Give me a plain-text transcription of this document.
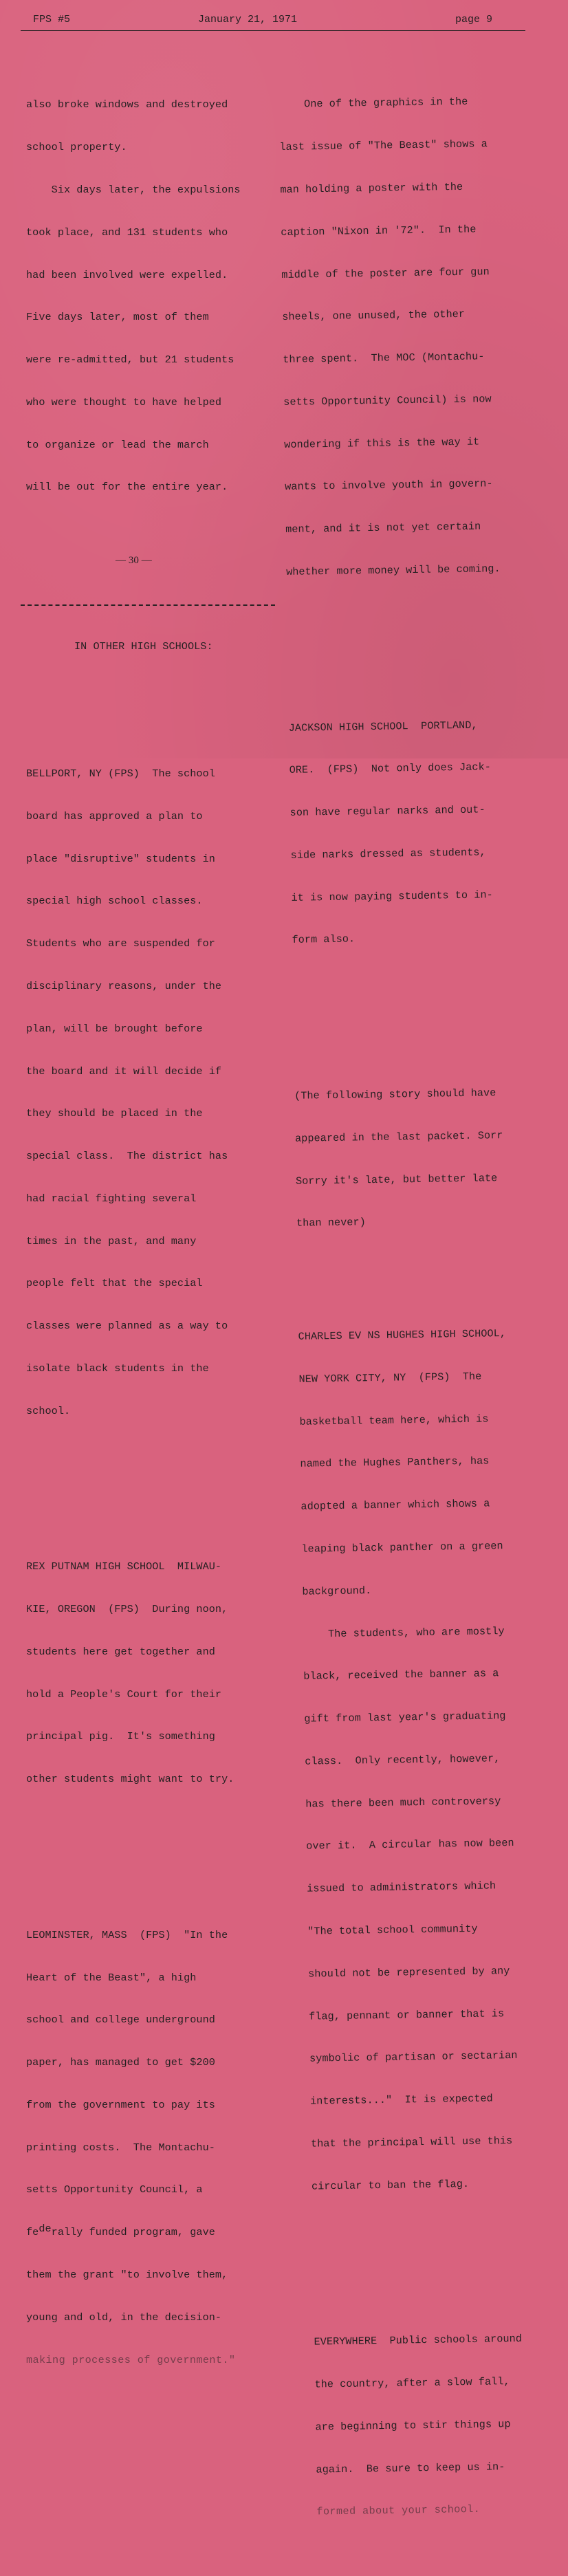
FPS #5	January 21, 1971	page 9

also broke windows and destroyed

school property.

Six days later, the expulsions

took place, and 131 students who

had been involved were expelled.

Five days later, most of them

were re-admitted, but 21 students

who were thought to have helped

to organize or lead the march

will be out for the entire year.

— 30 —

IN OTHER HIGH SCHOOLS:

BELLPORT, NY (FPS)  The school

board has approved a plan to

place "disruptive" students in

special high school classes.

Students who are suspended for

disciplinary reasons, under the

plan, will be brought before

the board and it will decide if

they should be placed in the

special class.  The district has

had racial fighting several

times in the past, and many

people felt that the special

classes were planned as a way to

isolate black students in the

school.

REX PUTNAM HIGH SCHOOL  MILWAU-

KIE, OREGON  (FPS)  During noon,

students here get together and

hold a People's Court for their

principal pig.  It's something

other students might want to try.

LEOMINSTER, MASS  (FPS)  "In the

Heart of the Beast", a high

school and college underground

paper, has managed to get $200

from the government to pay its

printing costs.  The Montachu-

setts Opportunity Council, a

federally funded program, gave

them the grant "to involve them,

young and old, in the decision-

making processes of government."

One of the graphics in the

last issue of "The Beast" shows a

man holding a poster with the

caption "Nixon in '72".  In the

middle of the poster are four gun

sheels, one unused, the other

three spent.  The MOC (Montachu-

setts Opportunity Council) is now

wondering if this is the way it

wants to involve youth in govern-

ment, and it is not yet certain

whether more money will be coming.

JACKSON HIGH SCHOOL  PORTLAND,

ORE.  (FPS)  Not only does Jack-

son have regular narks and out-

side narks dressed as students,

it is now paying students to in-

form also.

(The following story should have

appeared in the last packet. Sorr

Sorry it's late, but better late

than never)

CHARLES EV NS HUGHES HIGH SCHOOL,

NEW YORK CITY, NY  (FPS)  The

basketball team here, which is

named the Hughes Panthers, has

adopted a banner which shows a

leaping black panther on a green

background.

The students, who are mostly

black, received the banner as a

gift from last year's graduating

class.  Only recently, however,

has there been much controversy

over it.  A circular has now been

issued to administrators which

"The total school community

should not be represented by any

flag, pennant or banner that is

symbolic of partisan or sectarian

interests..."  It is expected

that the principal will use this

circular to ban the flag.

EVERYWHERE  Public schools around

the country, after a slow fall,

are beginning to stir things up

again.  Be sure to keep us in-

formed about your school.
